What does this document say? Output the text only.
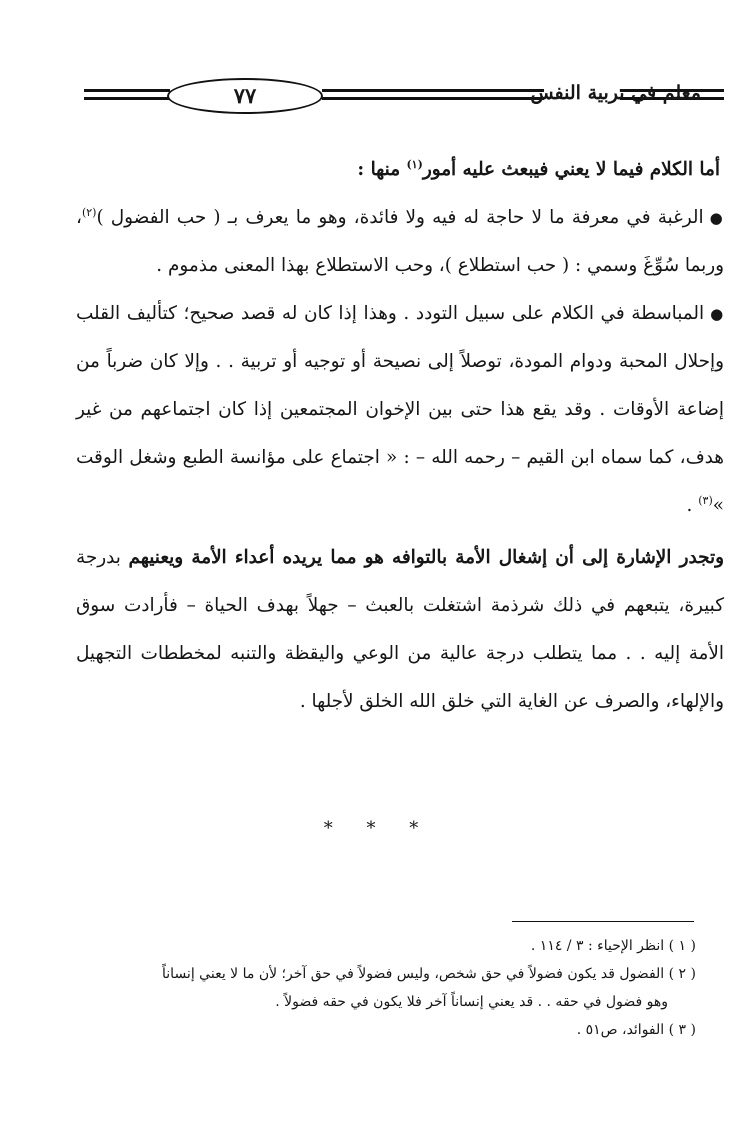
معلم في تربية النفس
٧٧

أما الكلام فيما لا يعني فيبعث عليه أمور$^{(١)}$ منها :

●الرغبة في معرفة ما لا حاجة له فيه ولا فائدة، وهو ما يعرف بـ ( حب الفضول )$^{(٢)}$، وربما سُوِّغَ وسمي : ( حب استطلاع )، وحب الاستطلاع بهذا المعنى مذموم .

●المباسطة في الكلام على سبيل التودد . وهذا إذا كان له قصد صحيح؛ كتأليف القلب وإحلال المحبة ودوام المودة، توصلاً إلى نصيحة أو توجيه أو تربية . . وإلا كان ضرباً من إضاعة الأوقات . وقد يقع هذا حتى بين الإخوان المجتمعين إذا كان اجتماعهم من غير هدف، كما سماه ابن القيم – رحمه الله – : « اجتماع على مؤانسة الطبع وشغل الوقت »$^{(٣)}$ .

وتجدر الإشارة إلى أن إشغال الأمة بالتوافه هو مما يريده أعداء الأمة ويعنيهم بدرجة كبيرة، يتبعهم في ذلك شرذمة اشتغلت بالعبث – جهلاً بهدف الحياة – فأرادت سوق الأمة إليه . . مما يتطلب درجة عالية من الوعي واليقظة والتنبه لمخططات التجهيل والإلهاء، والصرف عن الغاية التي خلق الله الخلق لأجلها .

* * *

( ١ ) انظر الإحياء : ٣ / ١١٤ .

( ٢ ) الفضول قد يكون فضولاً في حق شخص، وليس فضولاً في حق آخر؛ لأن ما لا يعني إنساناً

وهو فضول في حقه . . قد يعني إنساناً آخر فلا يكون في حقه فضولاً .

( ٣ ) الفوائد، ص٥١ .
